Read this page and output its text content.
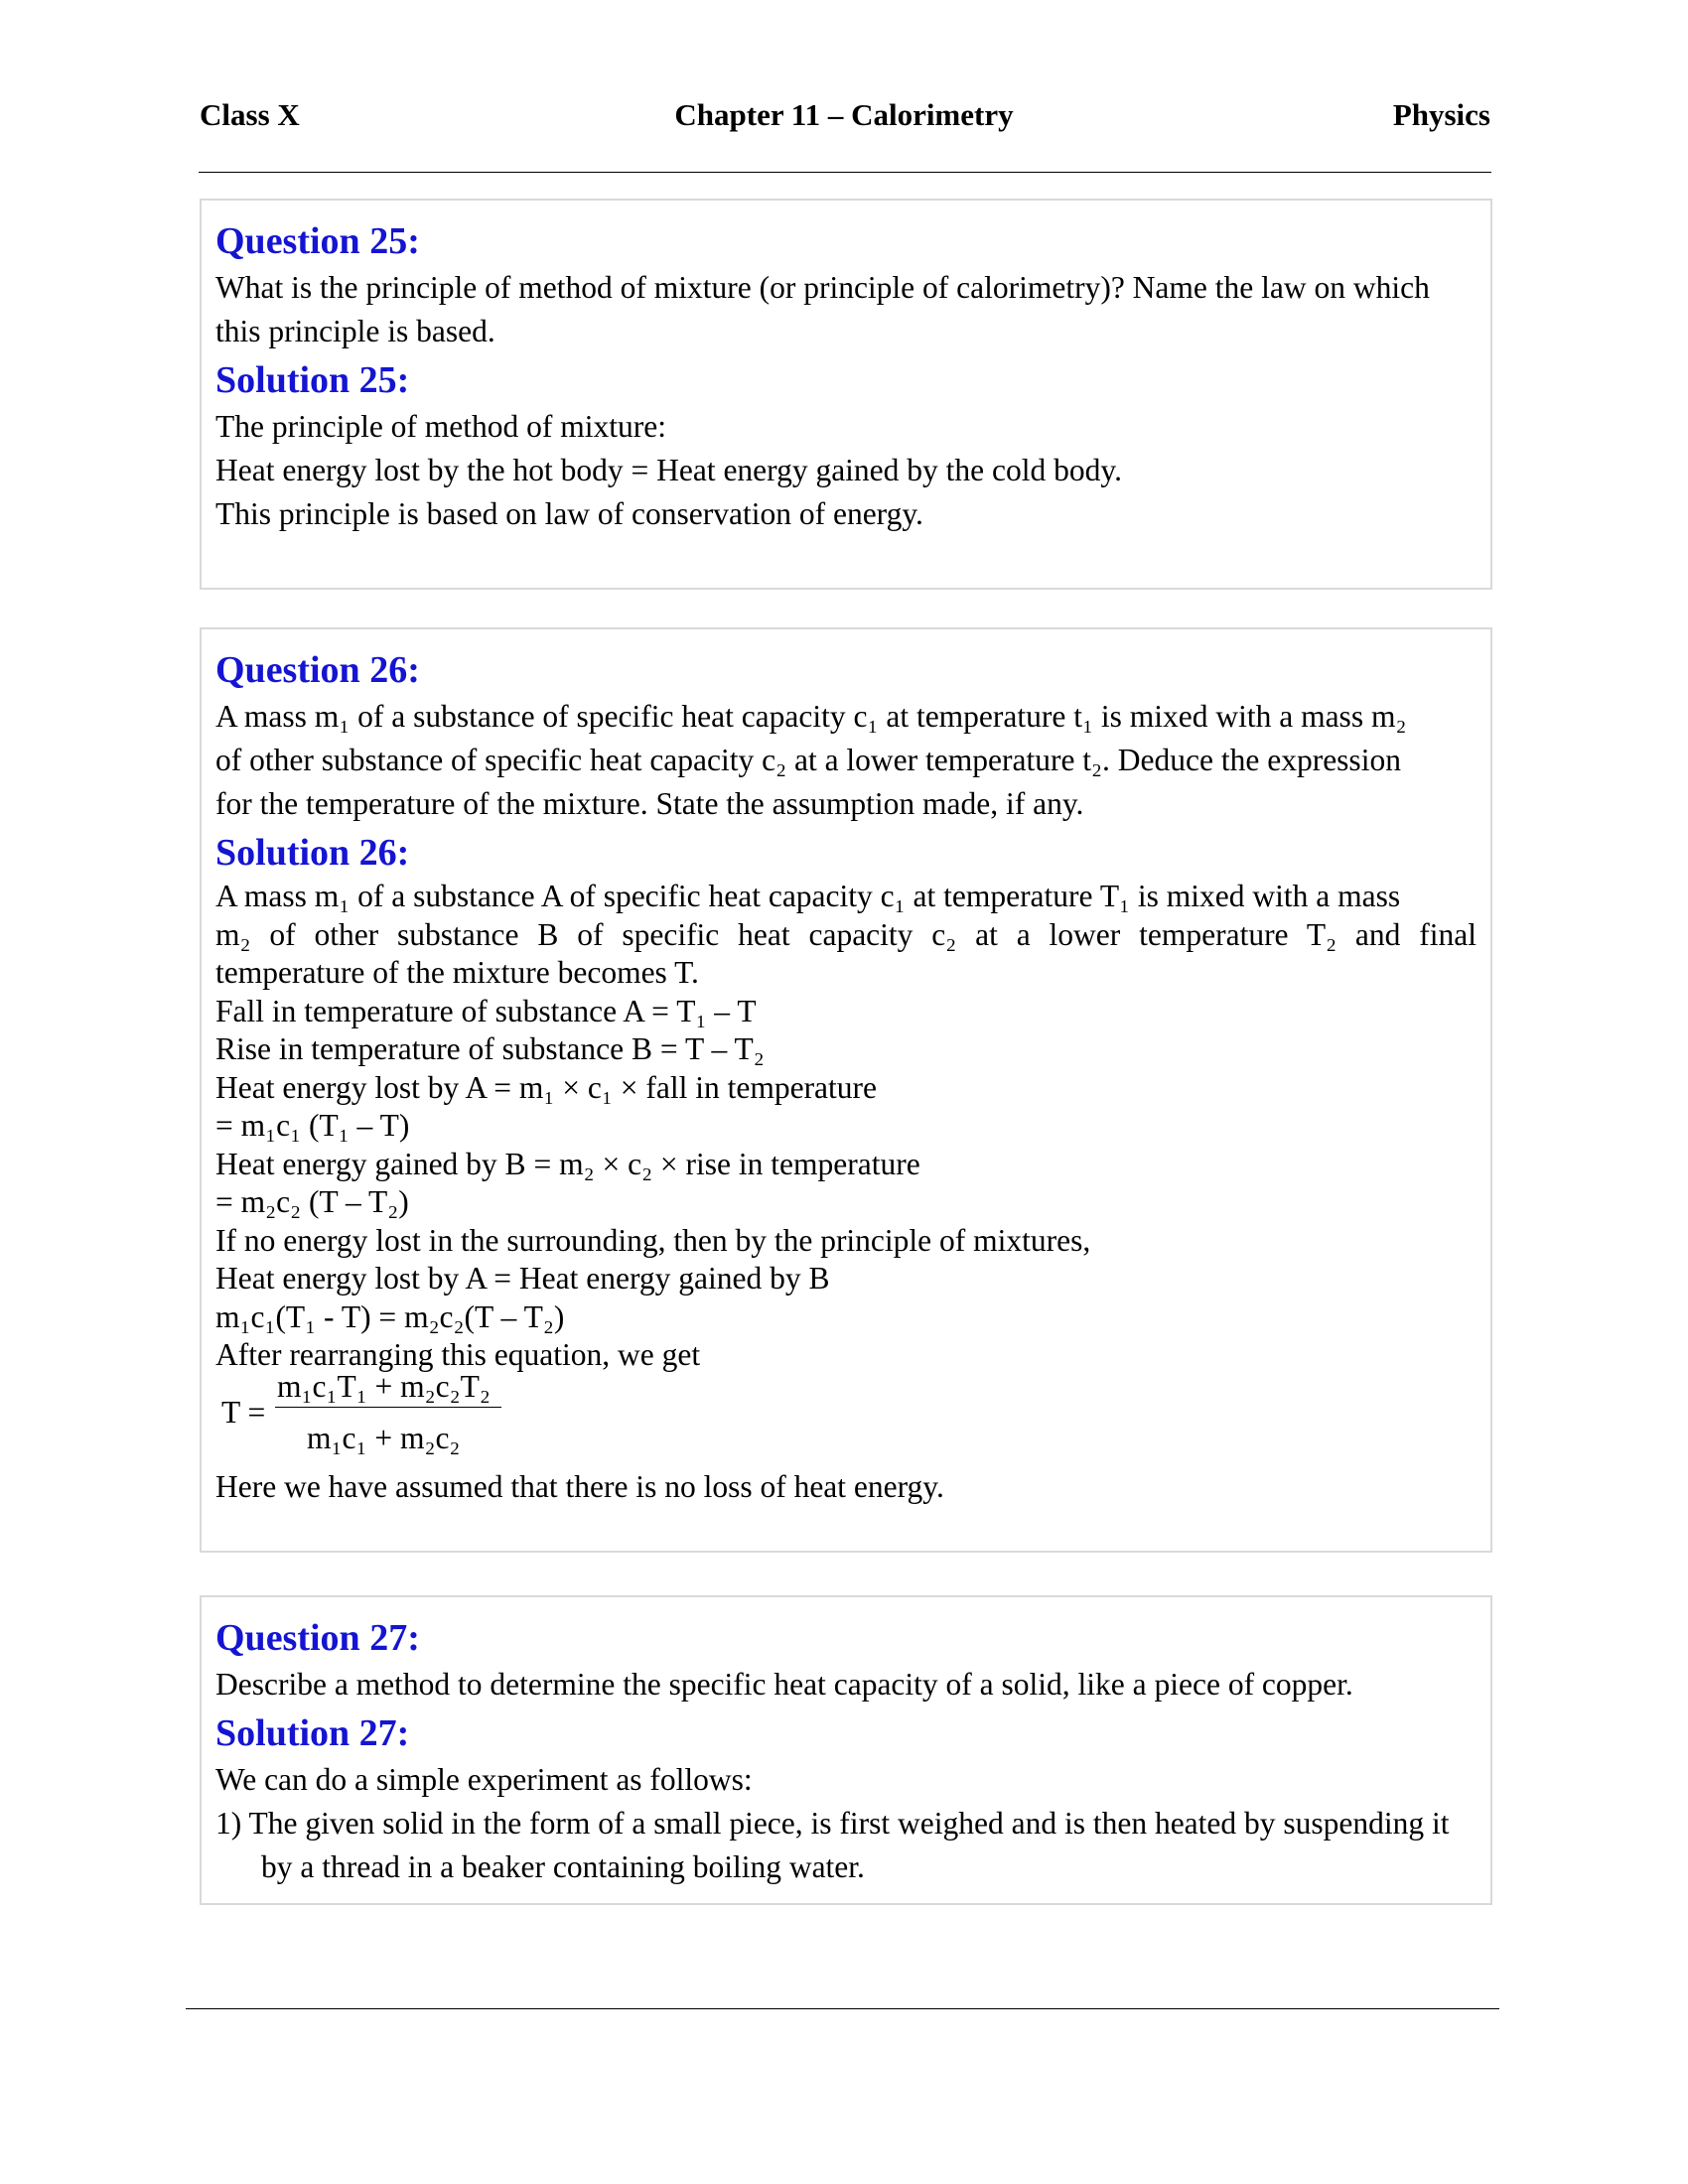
Class X	Chapter 11 – Calorimetry	Physics
Question 25:
What is the principle of method of mixture (or principle of calorimetry)? Name the law on which
this principle is based.
Solution 25:
The principle of method of mixture:
Heat energy lost by the hot body = Heat energy gained by the cold body.
This principle is based on law of conservation of energy.
Question 26:
A mass m₁ of a substance of specific heat capacity c₁ at temperature t₁ is mixed with a mass m₂
of other substance of specific heat capacity c₂ at a lower temperature t₂. Deduce the expression
for the temperature of the mixture. State the assumption made, if any.
Solution 26:
A mass m₁ of a substance A of specific heat capacity c₁ at temperature T₁ is mixed with a mass
m₂ of other substance B of specific heat capacity c₂ at a lower temperature T₂ and final
temperature of the mixture becomes T.
Fall in temperature of substance A = T₁ – T
Rise in temperature of substance B = T – T₂
Heat energy lost by A = m₁ × c₁ × fall in temperature
= m₁c₁ (T₁ – T)
Heat energy gained by B = m₂ × c₂ × rise in temperature
= m₂c₂ (T – T₂)
If no energy lost in the surrounding, then by the principle of mixtures,
Heat energy lost by A = Heat energy gained by B
m₁c₁(T₁ - T) = m₂c₂(T – T₂)
After rearranging this equation, we get
T =
m₁c₁T₁ + m₂c₂T₂
m₁c₁ + m₂c₂
Here we have assumed that there is no loss of heat energy.
Question 27:
Describe a method to determine the specific heat capacity of a solid, like a piece of copper.
Solution 27:
We can do a simple experiment as follows:
1) The given solid in the form of a small piece, is first weighed and is then heated by suspending it by a thread in a beaker containing boiling water.
